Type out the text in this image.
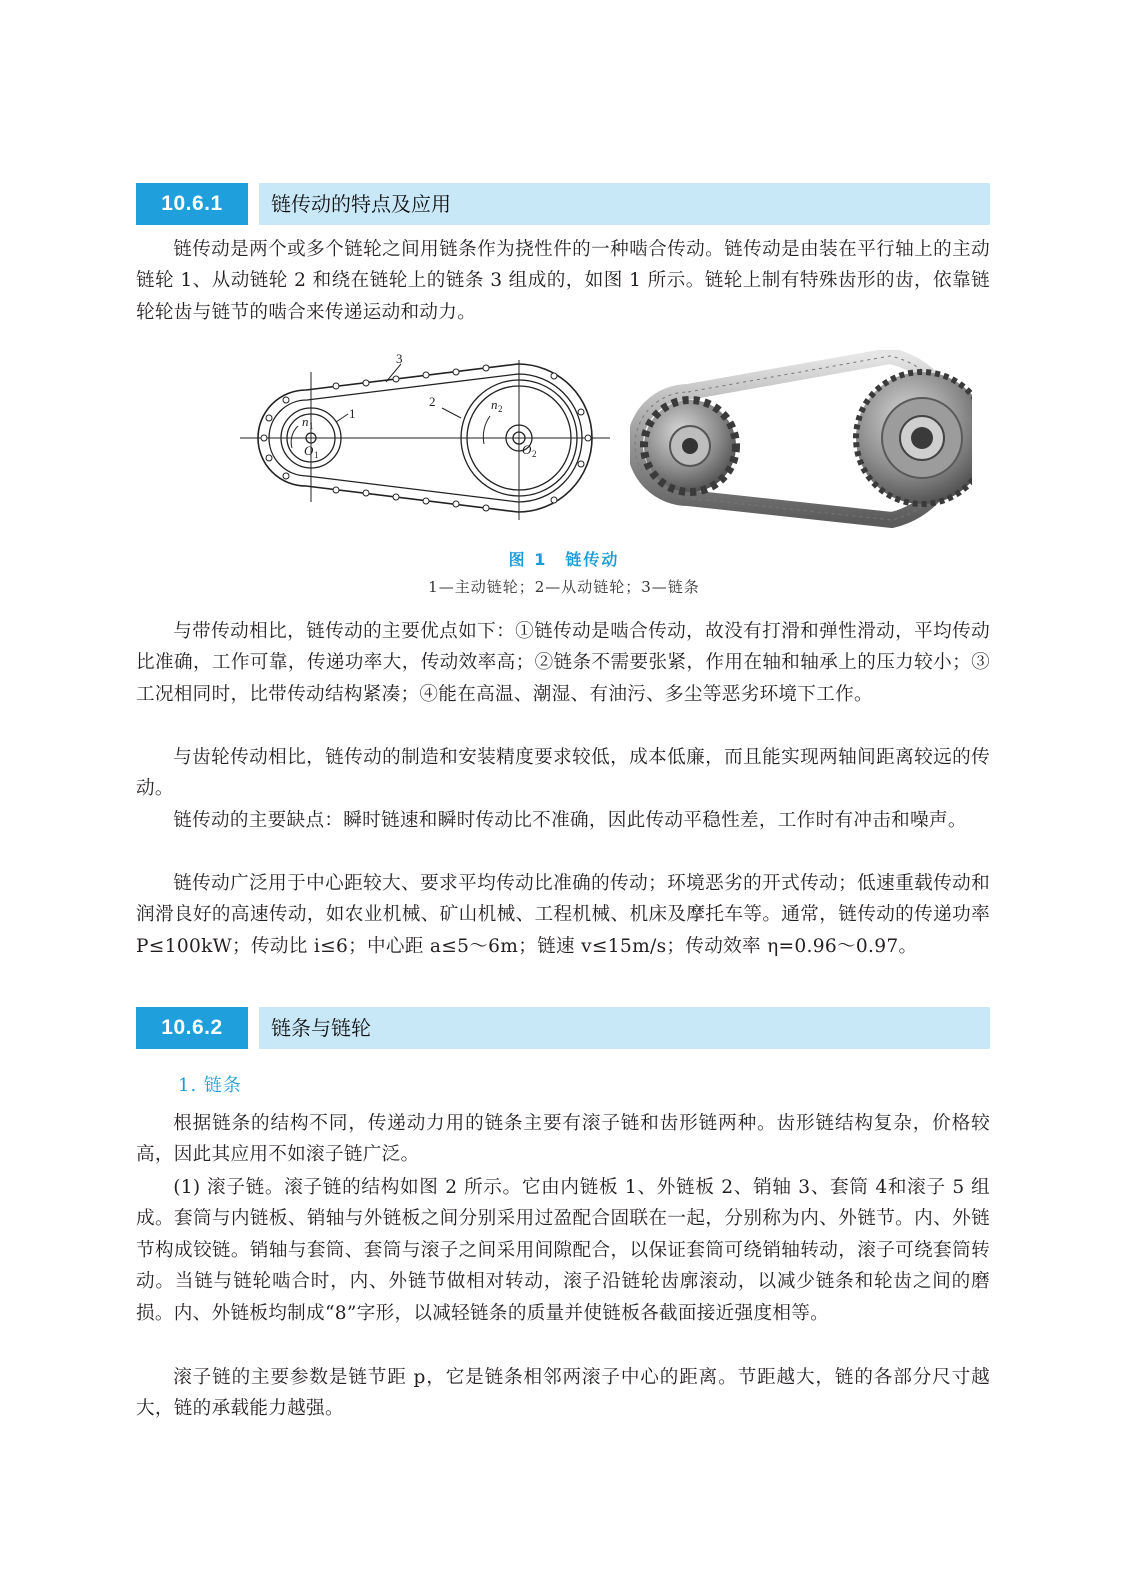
10.6.1	链传动的特点及应用

链传动是两个或多个链轮之间用链条作为挠性件的一种啮合传动。链传动是由装在平行轴上的主动链轮 1、从动链轮 2 和绕在链轮上的链条 3 组成的，如图 1 所示。链轮上制有特殊齿形的齿，依靠链轮轮齿与链节的啮合来传递运动和动力。

3
1
2	n 2
n 1
O 1	O 2
图 1　链传动
1—主动链轮；2—从动链轮；3—链条

与带传动相比，链传动的主要优点如下：①链传动是啮合传动，故没有打滑和弹性滑动，平均传动比准确，工作可靠，传递功率大，传动效率高；②链条不需要张紧，作用在轴和轴承上的压力较小；③工况相同时，比带传动结构紧凑；④能在高温、潮湿、有油污、多尘等恶劣环境下工作。

与齿轮传动相比，链传动的制造和安装精度要求较低，成本低廉，而且能实现两轴间距离较远的传动。

链传动的主要缺点：瞬时链速和瞬时传动比不准确，因此传动平稳性差，工作时有冲击和噪声。

链传动广泛用于中心距较大、要求平均传动比准确的传动；环境恶劣的开式传动；低速重载传动和润滑良好的高速传动，如农业机械、矿山机械、工程机械、机床及摩托车等。通常，链传动的传递功率 P≤100kW；传动比 i≤6；中心距 a≤5～6m；链速 v≤15m/s；传动效率 η=0.96～0.97。

10.6.2	链条与链轮
1. 链条

根据链条的结构不同，传递动力用的链条主要有滚子链和齿形链两种。齿形链结构复杂，价格较高，因此其应用不如滚子链广泛。

(1) 滚子链。滚子链的结构如图 2 所示。它由内链板 1、外链板 2、销轴 3、套筒 4和滚子 5 组成。套筒与内链板、销轴与外链板之间分别采用过盈配合固联在一起，分别称为内、外链节。内、外链节构成铰链。销轴与套筒、套筒与滚子之间采用间隙配合，以保证套筒可绕销轴转动，滚子可绕套筒转动。当链与链轮啮合时，内、外链节做相对转动，滚子沿链轮齿廓滚动，以减少链条和轮齿之间的磨损。内、外链板均制成“8”字形，以减轻链条的质量并使链板各截面接近强度相等。

滚子链的主要参数是链节距 p，它是链条相邻两滚子中心的距离。节距越大，链的各部分尺寸越大，链的承载能力越强。
